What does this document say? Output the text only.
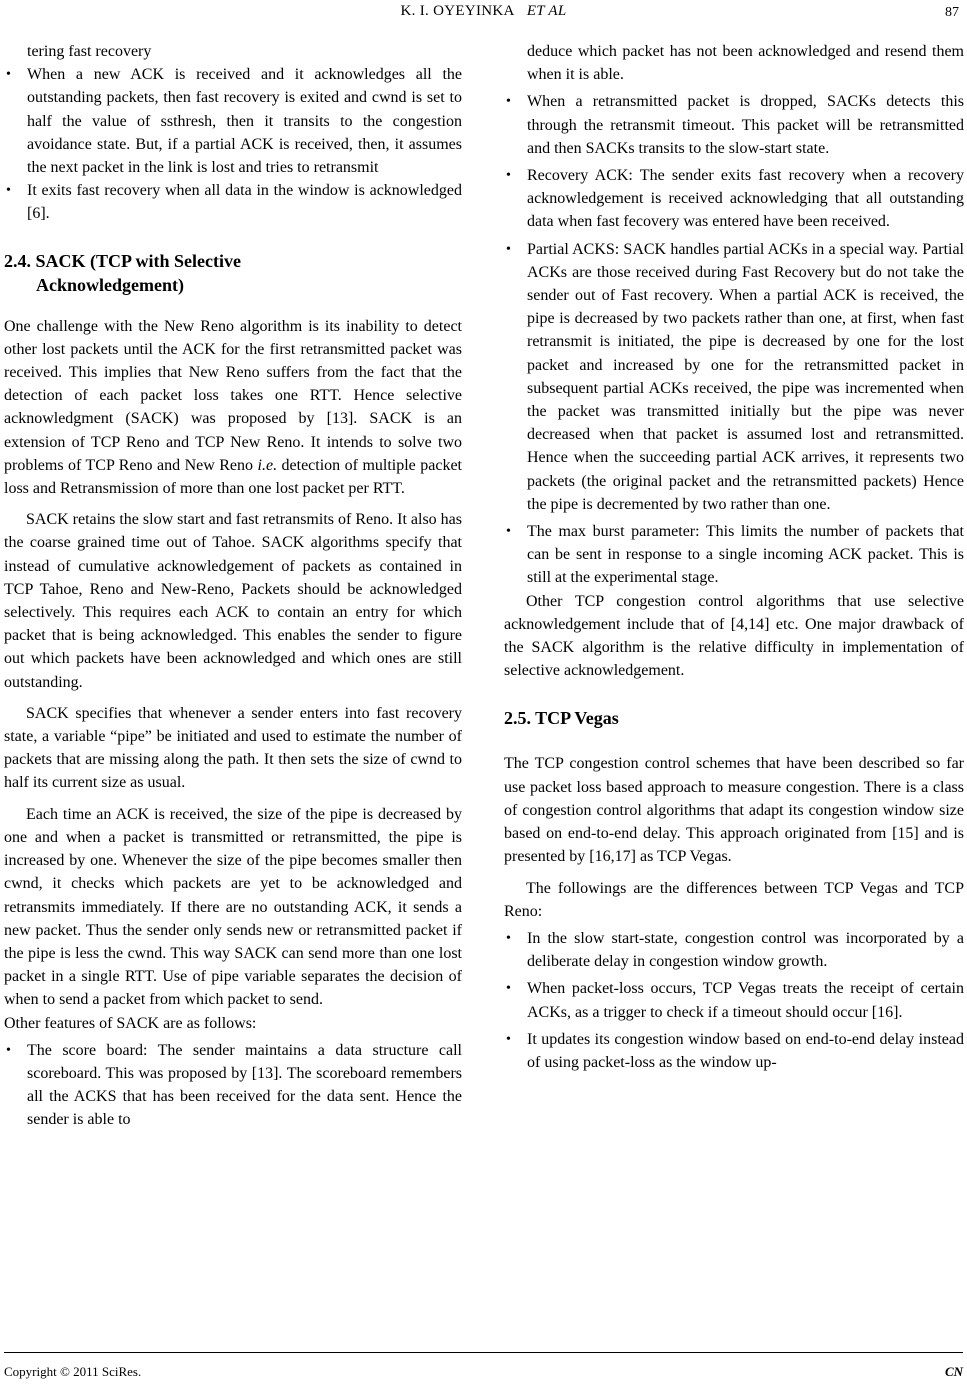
K. I. OYEYINKA ET AL	87

tering fast recovery

• When a new ACK is received and it acknowledges all the outstanding packets, then fast recovery is exited and cwnd is set to half the value of ssthresh, then it transits to the congestion avoidance state. But, if a partial ACK is received, then, it assumes the next packet in the link is lost and tries to retransmit

• It exits fast recovery when all data in the window is acknowledged [6].

2.4. SACK (TCP with Selective
Acknowledgement)

One challenge with the New Reno algorithm is its inability to detect other lost packets until the ACK for the first retransmitted packet was received. This implies that New Reno suffers from the fact that the detection of each packet loss takes one RTT. Hence selective acknowledgment (SACK) was proposed by [13]. SACK is an extension of TCP Reno and TCP New Reno. It intends to solve two problems of TCP Reno and New Reno i.e. detection of multiple packet loss and Retransmission of more than one lost packet per RTT.

SACK retains the slow start and fast retransmits of Reno. It also has the coarse grained time out of Tahoe. SACK algorithms specify that instead of cumulative acknowledgement of packets as contained in TCP Tahoe, Reno and New-Reno, Packets should be acknowledged selectively. This requires each ACK to contain an entry for which packet that is being acknowledged. This enables the sender to figure out which packets have been acknowledged and which ones are still outstanding.

SACK specifies that whenever a sender enters into fast recovery state, a variable “pipe” be initiated and used to estimate the number of packets that are missing along the path. It then sets the size of cwnd to half its current size as usual.

Each time an ACK is received, the size of the pipe is decreased by one and when a packet is transmitted or retransmitted, the pipe is increased by one. Whenever the size of the pipe becomes smaller then cwnd, it checks which packets are yet to be acknowledged and retransmits immediately. If there are no outstanding ACK, it sends a new packet. Thus the sender only sends new or retransmitted packet if the pipe is less the cwnd. This way SACK can send more than one lost packet in a single RTT. Use of pipe variable separates the decision of when to send a packet from which packet to send.

Other features of SACK are as follows:

• The score board: The sender maintains a data structure call scoreboard. This was proposed by [13]. The scoreboard remembers all the ACKS that has been received for the data sent. Hence the sender is able to

deduce which packet has not been acknowledged and resend them when it is able.

• When a retransmitted packet is dropped, SACKs detects this through the retransmit timeout. This packet will be retransmitted and then SACKs transits to the slow-start state.

• Recovery ACK: The sender exits fast recovery when a recovery acknowledgement is received acknowledging that all outstanding data when fast fecovery was entered have been received.

• Partial ACKS: SACK handles partial ACKs in a special way. Partial ACKs are those received during Fast Recovery but do not take the sender out of Fast recovery. When a partial ACK is received, the pipe is decreased by two packets rather than one, at first, when fast retransmit is initiated, the pipe is decreased by one for the lost packet and increased by one for the retransmitted packet in subsequent partial ACKs received, the pipe was incremented when the packet was transmitted initially but the pipe was never decreased when that packet is assumed lost and retransmitted. Hence when the succeeding partial ACK arrives, it represents two packets (the original packet and the retransmitted packets) Hence the pipe is decremented by two rather than one.

• The max burst parameter: This limits the number of packets that can be sent in response to a single incoming ACK packet. This is still at the experimental stage.

Other TCP congestion control algorithms that use selective acknowledgement include that of [4,14] etc. One major drawback of the SACK algorithm is the relative difficulty in implementation of selective acknowledgement.

2.5. TCP Vegas

The TCP congestion control schemes that have been described so far use packet loss based approach to measure congestion. There is a class of congestion control algorithms that adapt its congestion window size based on end-to-end delay. This approach originated from [15] and is presented by [16,17] as TCP Vegas.

The followings are the differences between TCP Vegas and TCP Reno:

• In the slow start-state, congestion control was incorporated by a deliberate delay in congestion window growth.

• When packet-loss occurs, TCP Vegas treats the receipt of certain ACKs, as a trigger to check if a timeout should occur [16].

• It updates its congestion window based on end-to-end delay instead of using packet-loss as the window up-

Copyright © 2011 SciRes.	CN
